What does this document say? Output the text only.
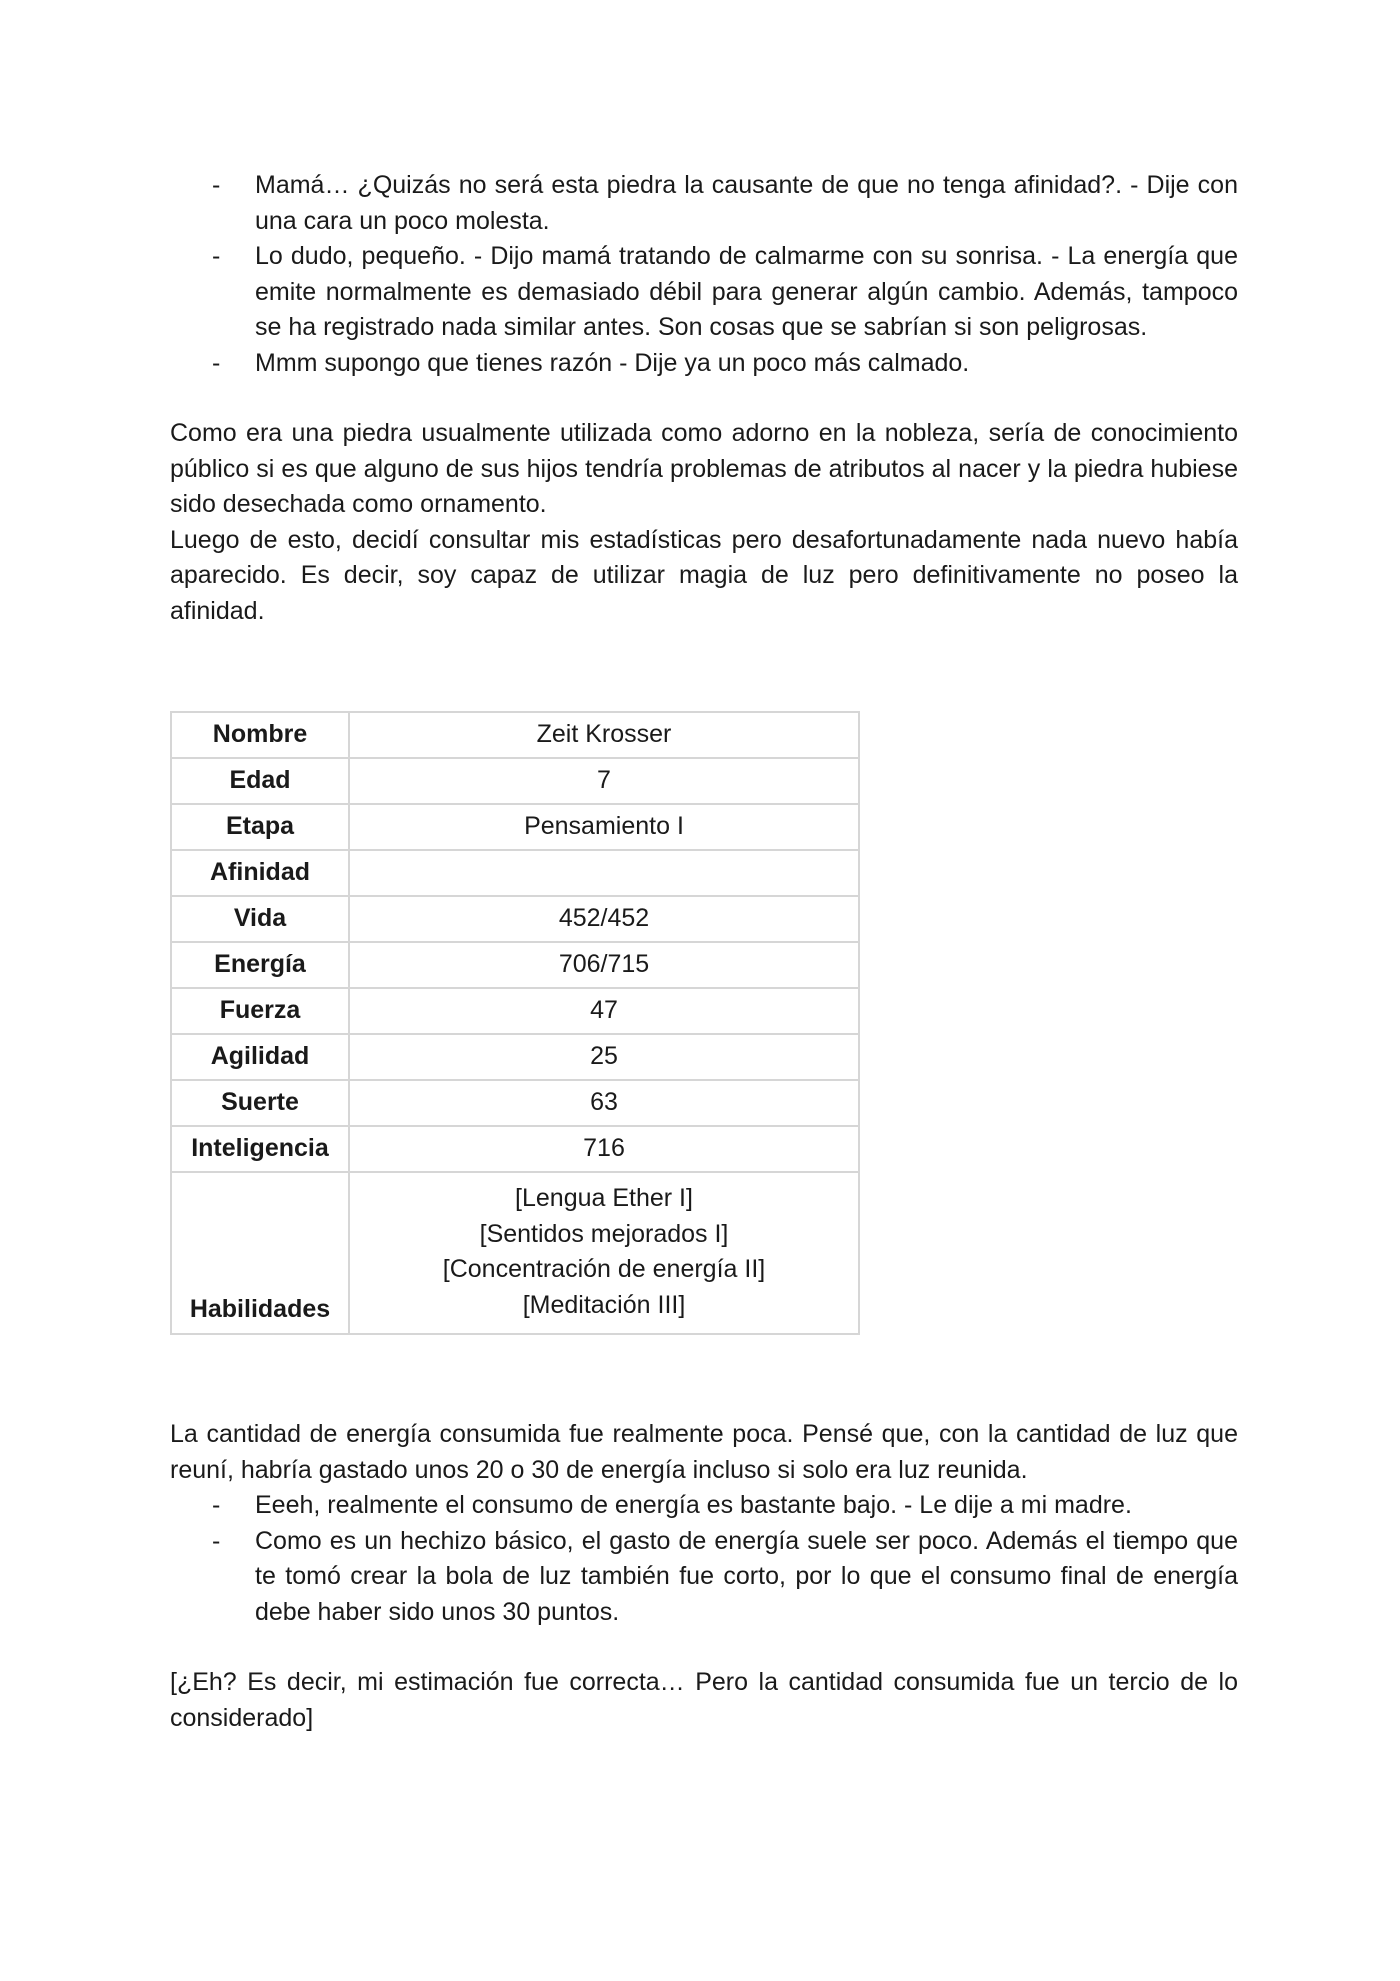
- Mamá… ¿Quizás no será esta piedra la causante de que no tenga afinidad?. - Dije con una cara un poco molesta.
- Lo dudo, pequeño. - Dijo mamá tratando de calmarme con su sonrisa. - La energía que emite normalmente es demasiado débil para generar algún cambio. Además, tampoco se ha registrado nada similar antes. Son cosas que se sabrían si son peligrosas.
- Mmm supongo que tienes razón - Dije ya un poco más calmado.

Como era una piedra usualmente utilizada como adorno en la nobleza, sería de conocimiento público si es que alguno de sus hijos tendría problemas de atributos al nacer y la piedra hubiese sido desechada como ornamento.

Luego de esto, decidí consultar mis estadísticas pero desafortunadamente nada nuevo había aparecido. Es decir, soy capaz de utilizar magia de luz pero definitivamente no poseo la afinidad.

Nombre	Zeit Krosser
Edad	7
Etapa	Pensamiento I
Afinidad	
Vida	452/452
Energía	706/715
Fuerza	47
Agilidad	25
Suerte	63
Inteligencia	716
Habilidades	[Lengua Ether I]
[Sentidos mejorados I]
[Concentración de energía II]
[Meditación III]

La cantidad de energía consumida fue realmente poca. Pensé que, con la cantidad de luz que reuní, habría gastado unos 20 o 30 de energía incluso si solo era luz reunida.

- Eeeh, realmente el consumo de energía es bastante bajo. - Le dije a mi madre.
- Como es un hechizo básico, el gasto de energía suele ser poco. Además el tiempo que te tomó crear la bola de luz también fue corto, por lo que el consumo final de energía debe haber sido unos 30 puntos.

[¿Eh? Es decir, mi estimación fue correcta… Pero la cantidad consumida fue un tercio de lo considerado]
